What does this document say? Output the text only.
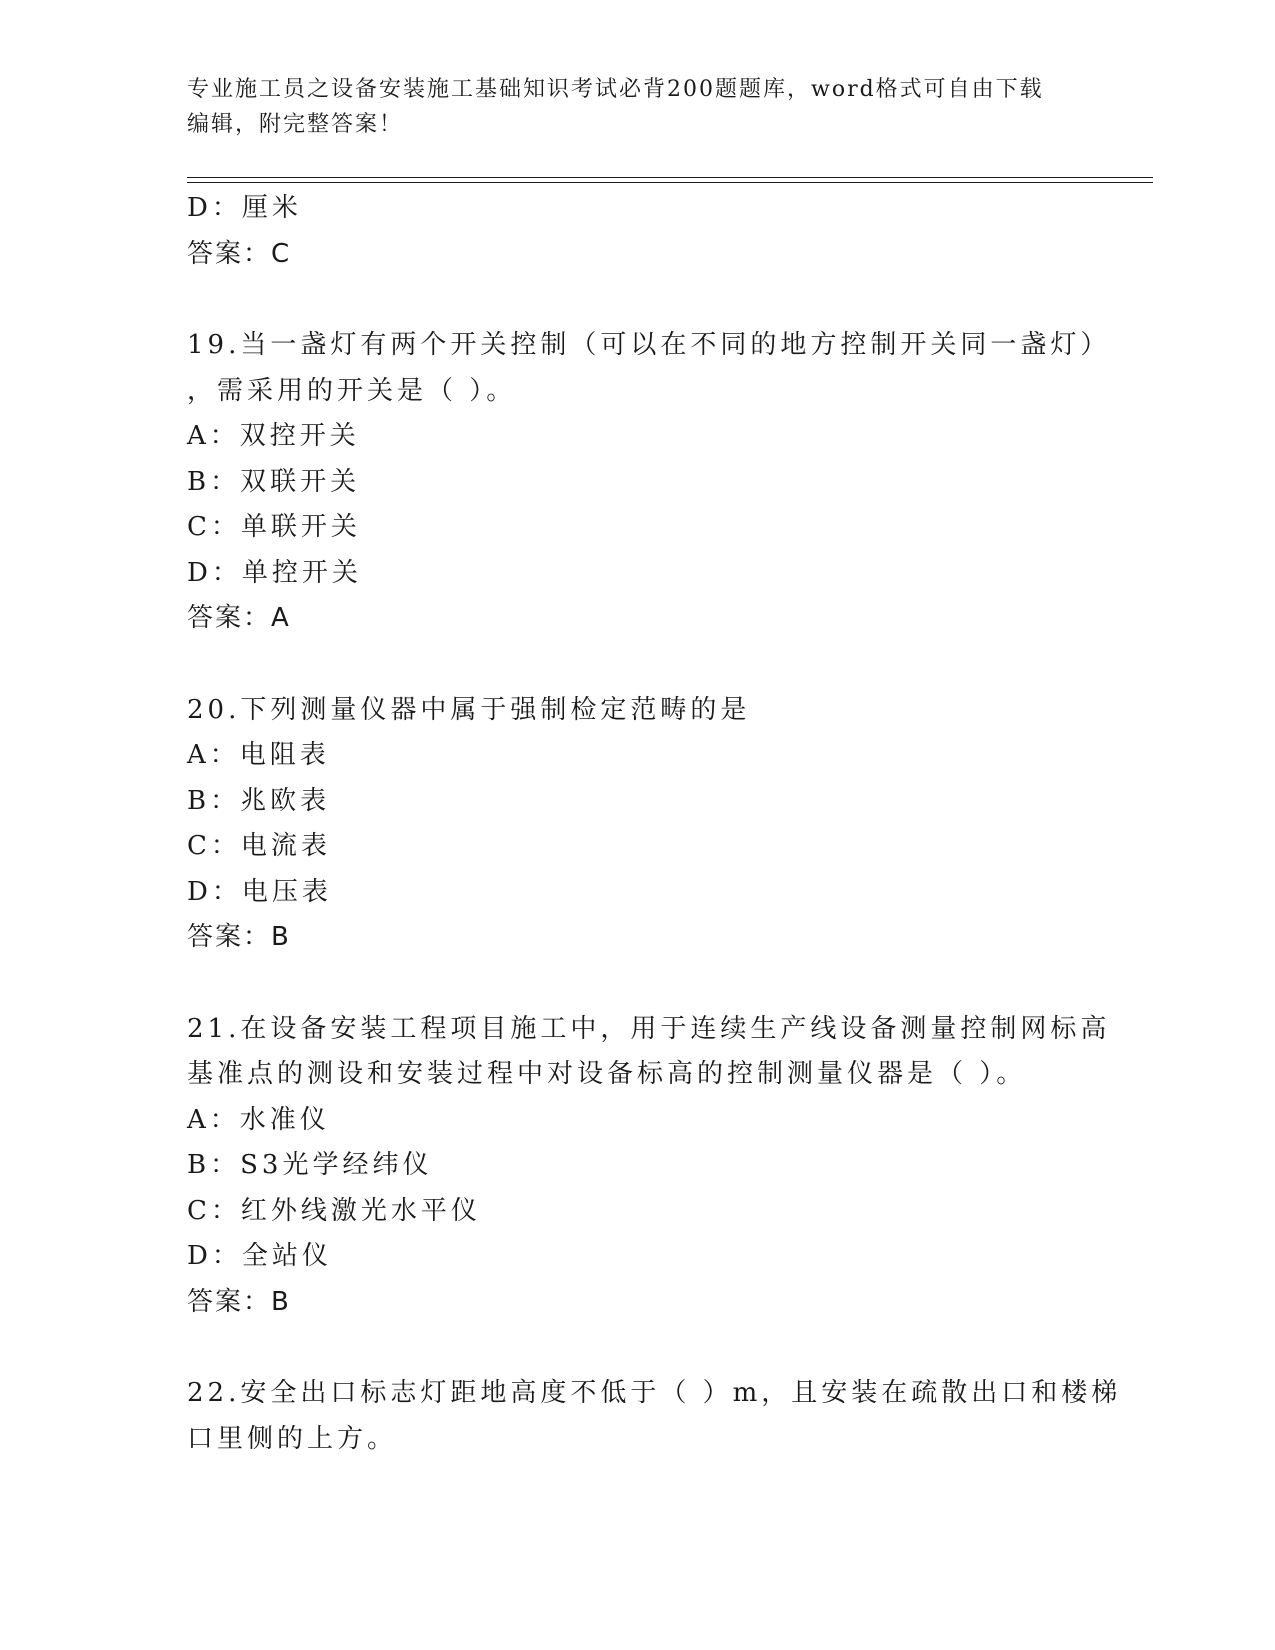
专业施工员之设备安装施工基础知识考试必背200题题库，word格式可自由下载
编辑，附完整答案！
D：厘米
答案：C
19.当一盏灯有两个开关控制（可以在不同的地方控制开关同一盏灯）
，需采用的开关是（ ）。
A：双控开关
B：双联开关
C：单联开关
D：单控开关
答案：A
20.下列测量仪器中属于强制检定范畴的是
A：电阻表
B：兆欧表
C：电流表
D：电压表
答案：B
21.在设备安装工程项目施工中，用于连续生产线设备测量控制网标高
基准点的测设和安装过程中对设备标高的控制测量仪器是（ ）。
A：水准仪
B：S3光学经纬仪
C：红外线激光水平仪
D：全站仪
答案：B
22.安全出口标志灯距地高度不低于（ ）m，且安装在疏散出口和楼梯
口里侧的上方。
